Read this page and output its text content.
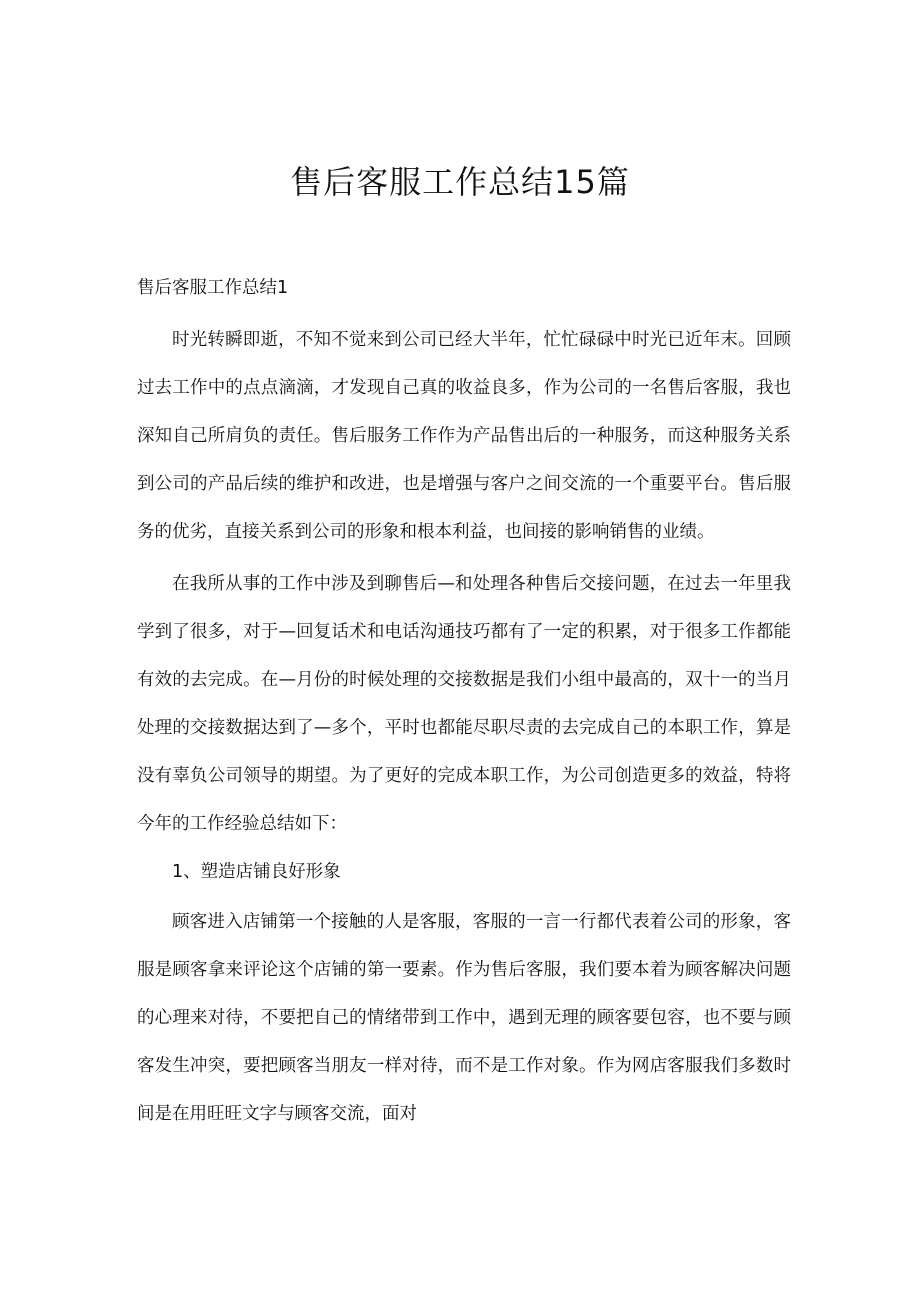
售后客服工作总结15篇

售后客服工作总结1

时光转瞬即逝，不知不觉来到公司已经大半年，忙忙碌碌中时光已近年末。回顾过去工作中的点点滴滴，才发现自己真的收益良多，作为公司的一名售后客服，我也深知自己所肩负的责任。售后服务工作作为产品售出后的一种服务，而这种服务关系到公司的产品后续的维护和改进，也是增强与客户之间交流的一个重要平台。售后服务的优劣，直接关系到公司的形象和根本利益，也间接的影响销售的业绩。

在我所从事的工作中涉及到聊售后—和处理各种售后交接问题，在过去一年里我学到了很多，对于—回复话术和电话沟通技巧都有了一定的积累，对于很多工作都能有效的去完成。在—月份的时候处理的交接数据是我们小组中最高的，双十一的当月处理的交接数据达到了—多个，平时也都能尽职尽责的去完成自己的本职工作，算是没有辜负公司领导的期望。为了更好的完成本职工作，为公司创造更多的效益，特将今年的工作经验总结如下：

1、塑造店铺良好形象

顾客进入店铺第一个接触的人是客服，客服的一言一行都代表着公司的形象，客服是顾客拿来评论这个店铺的第一要素。作为售后客服，我们要本着为顾客解决问题的心理来对待，不要把自己的情绪带到工作中，遇到无理的顾客要包容，也不要与顾客发生冲突，要把顾客当朋友一样对待，而不是工作对象。作为网店客服我们多数时间是在用旺旺文字与顾客交流，面对
